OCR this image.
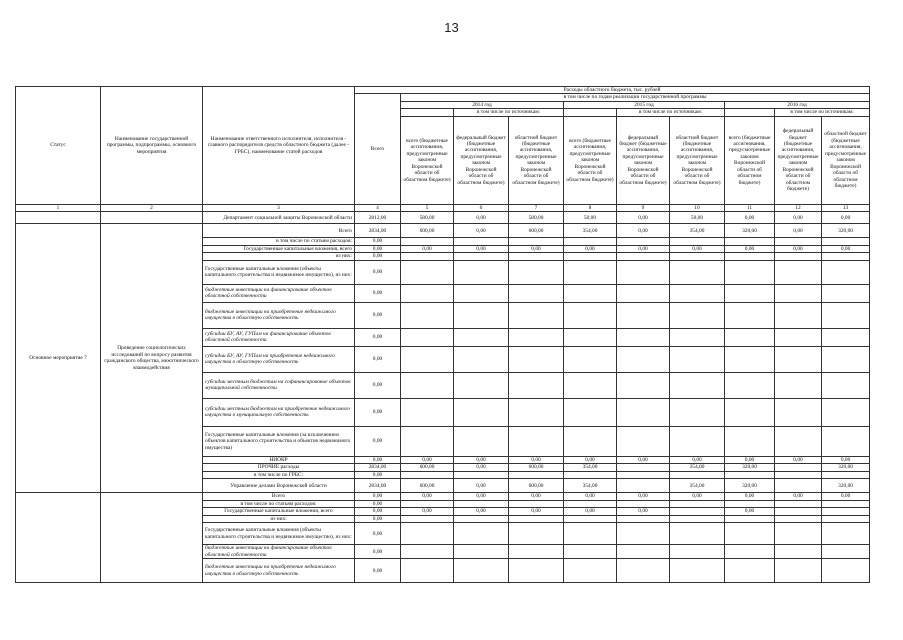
13
Статус	Наименование государственной программы, подпрограммы, основного мероприятия	Наименование ответственного исполнителя, исполнителя - главного распорядителя средств областного бюджета (далее - ГРБС), наименование статей расходов	Расходы областного бюджета, тыс. рублей									
			Всего	в том числе по годам реализации государственной программы								
				2014 год			2015 год			2016 год		
					в том числе по источникам:			в том числе по источникам:			в том числе по источникам:	
				всего (бюджетные ассигнования, предусмотренные законом Воронежской области об областном бюджете)	федеральный бюджет (бюджетные ассигнования, предусмотренные законом Воронежской области об областном бюджете)	областной бюджет (бюджетные ассигнования, предусмотренные законом Воронежской области об областном бюджете)	всего (бюджетные ассигнования, предусмотренные законом Воронежской области об областном бюджете)	федеральный бюджет (бюджетные ассигнования, предусмотренные законом Воронежской области об областном бюджете)	областной бюджет (бюджетные ассигнования, предусмотренные законом Воронежской области об областном бюджете)	всего (бюджетные ассигнования, предусмотренные законом Воронежской области об областном бюджете)	федеральный бюджет (бюджетные ассигнования, предусмотренные законом Воронежской области об областном бюджете)	областной бюджет (бюджетные ассигнования, предусмотренные законом Воронежской области об областном бюджете)
1	2	3	4	5	6	7	8	9	10	11	12	13
		Департамент социальной защиты Воронежской области	2812,00	580,00	0,00	580,00	50,00	0,00	50,00	0,00	0,00	0,00
Основное мероприятие 7	Проведение социологических исследований по вопросу развития гражданского общества, межэтнического взаимодействия	Всего	2834,00	600,00	0,00	600,00	354,00	0,00	354,00	320,00	0,00	320,00
		в том числе по статьям расходов:	0,00									
		Государственные капитальные вложения, всего	0,00	0,00	0,00	0,00	0,00	0,00	0,00	0,00	0,00	0,00
		из них:	0,00									
		Государственные капитальные вложения (объекты капитального строительства и недвижимое имущество), из них:	0,00									
		бюджетные инвестиции на финансирование объектов областной собственности	0,00									
		бюджетные инвестиции на приобретение недвижимого имущества в областную собственность	0,00									
		субсидии БУ, АУ, ГУПам на финансирование объектов областной собственности	0,00									
		субсидии БУ, АУ, ГУПам на приобретение недвижимого имущества в областную собственность	0,00									
		субсидии местным бюджетам на софинансирование объектов муниципальной собственности	0,00									
		субсидии местным бюджетам на приобретение недвижимого имущества в муниципальную собственность	0,00									
		Государственные капитальные вложения (за исключением объектов капитального строительства и объектов недвижимого имущества)	0,00									
		НИОКР	0,00	0,00	0,00	0,00	0,00	0,00	0,00	0,00	0,00	0,00
		ПРОЧИЕ расходы	2834,00	600,00	0,00	600,00	354,00		354,00	320,00		320,00
		в том числе по ГРБС:	0,00									
		Управление делами Воронежской области	2834,00	600,00	0,00	600,00	354,00		354,00	320,00		320,00
		Всего	0,00	0,00	0,00	0,00	0,00	0,00	0,00	0,00	0,00	0,00
		в том числе по статьям расходов:	0,00									
		Государственные капитальные вложения, всего	0,00	0,00	0,00	0,00	0,00	0,00		0,00		
		из них:	0,00									
		Государственные капитальные вложения (объекты капитального строительства и недвижимое имущество), из них:	0,00									
		бюджетные инвестиции на финансирование объектов областной собственности	0,00									
		бюджетные инвестиции на приобретение недвижимого имущества в областную собственность	0,00									
